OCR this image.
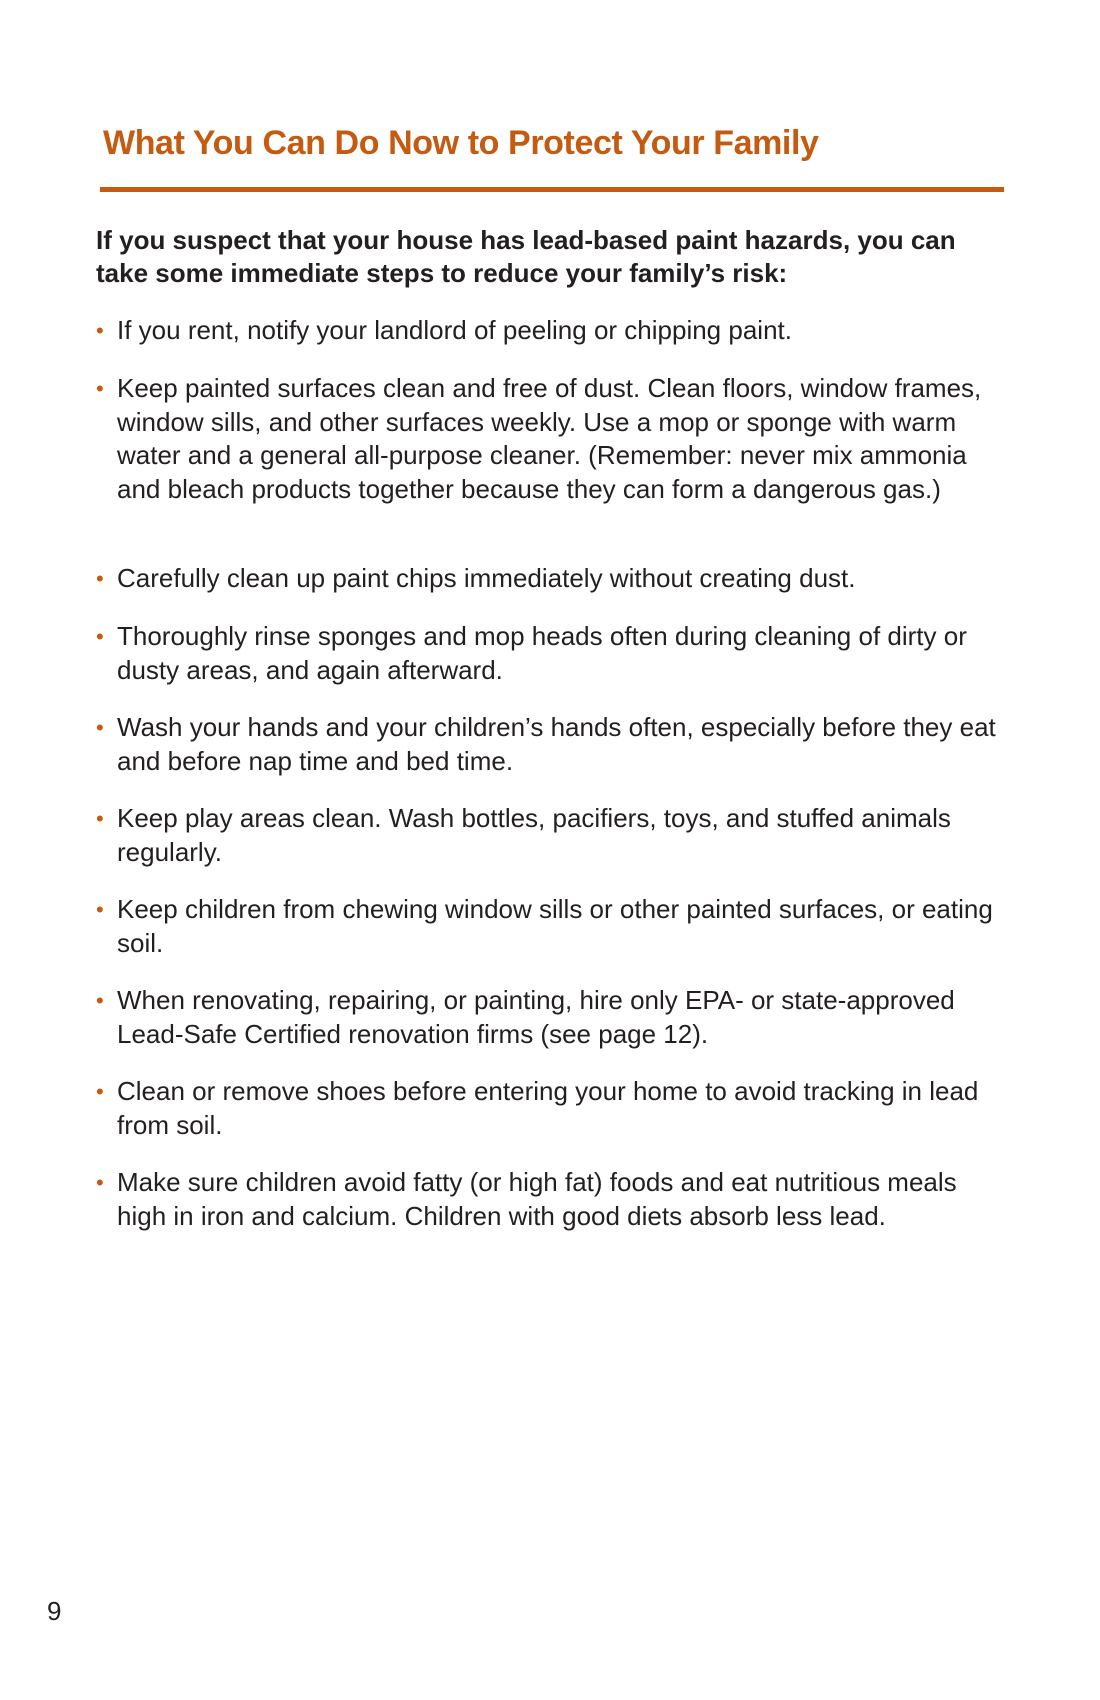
What You Can Do Now to Protect Your Family

If you suspect that your house has lead-based paint hazards, you can take some immediate steps to reduce your family’s risk:

• If you rent, notify your landlord of peeling or chipping paint.
• Keep painted surfaces clean and free of dust. Clean floors, window frames, window sills, and other surfaces weekly. Use a mop or sponge with warm water and a general all-purpose cleaner. (Remember: never mix ammonia and bleach products together because they can form a dangerous gas.)
• Carefully clean up paint chips immediately without creating dust.
• Thoroughly rinse sponges and mop heads often during cleaning of dirty or dusty areas, and again afterward.
• Wash your hands and your children’s hands often, especially before they eat and before nap time and bed time.
• Keep play areas clean. Wash bottles, pacifiers, toys, and stuffed animals regularly.
• Keep children from chewing window sills or other painted surfaces, or eating soil.
• When renovating, repairing, or painting, hire only EPA- or state-approved Lead-Safe Certified renovation firms (see page 12).
• Clean or remove shoes before entering your home to avoid tracking in lead from soil.
• Make sure children avoid fatty (or high fat) foods and eat nutritious meals high in iron and calcium. Children with good diets absorb less lead.
9
